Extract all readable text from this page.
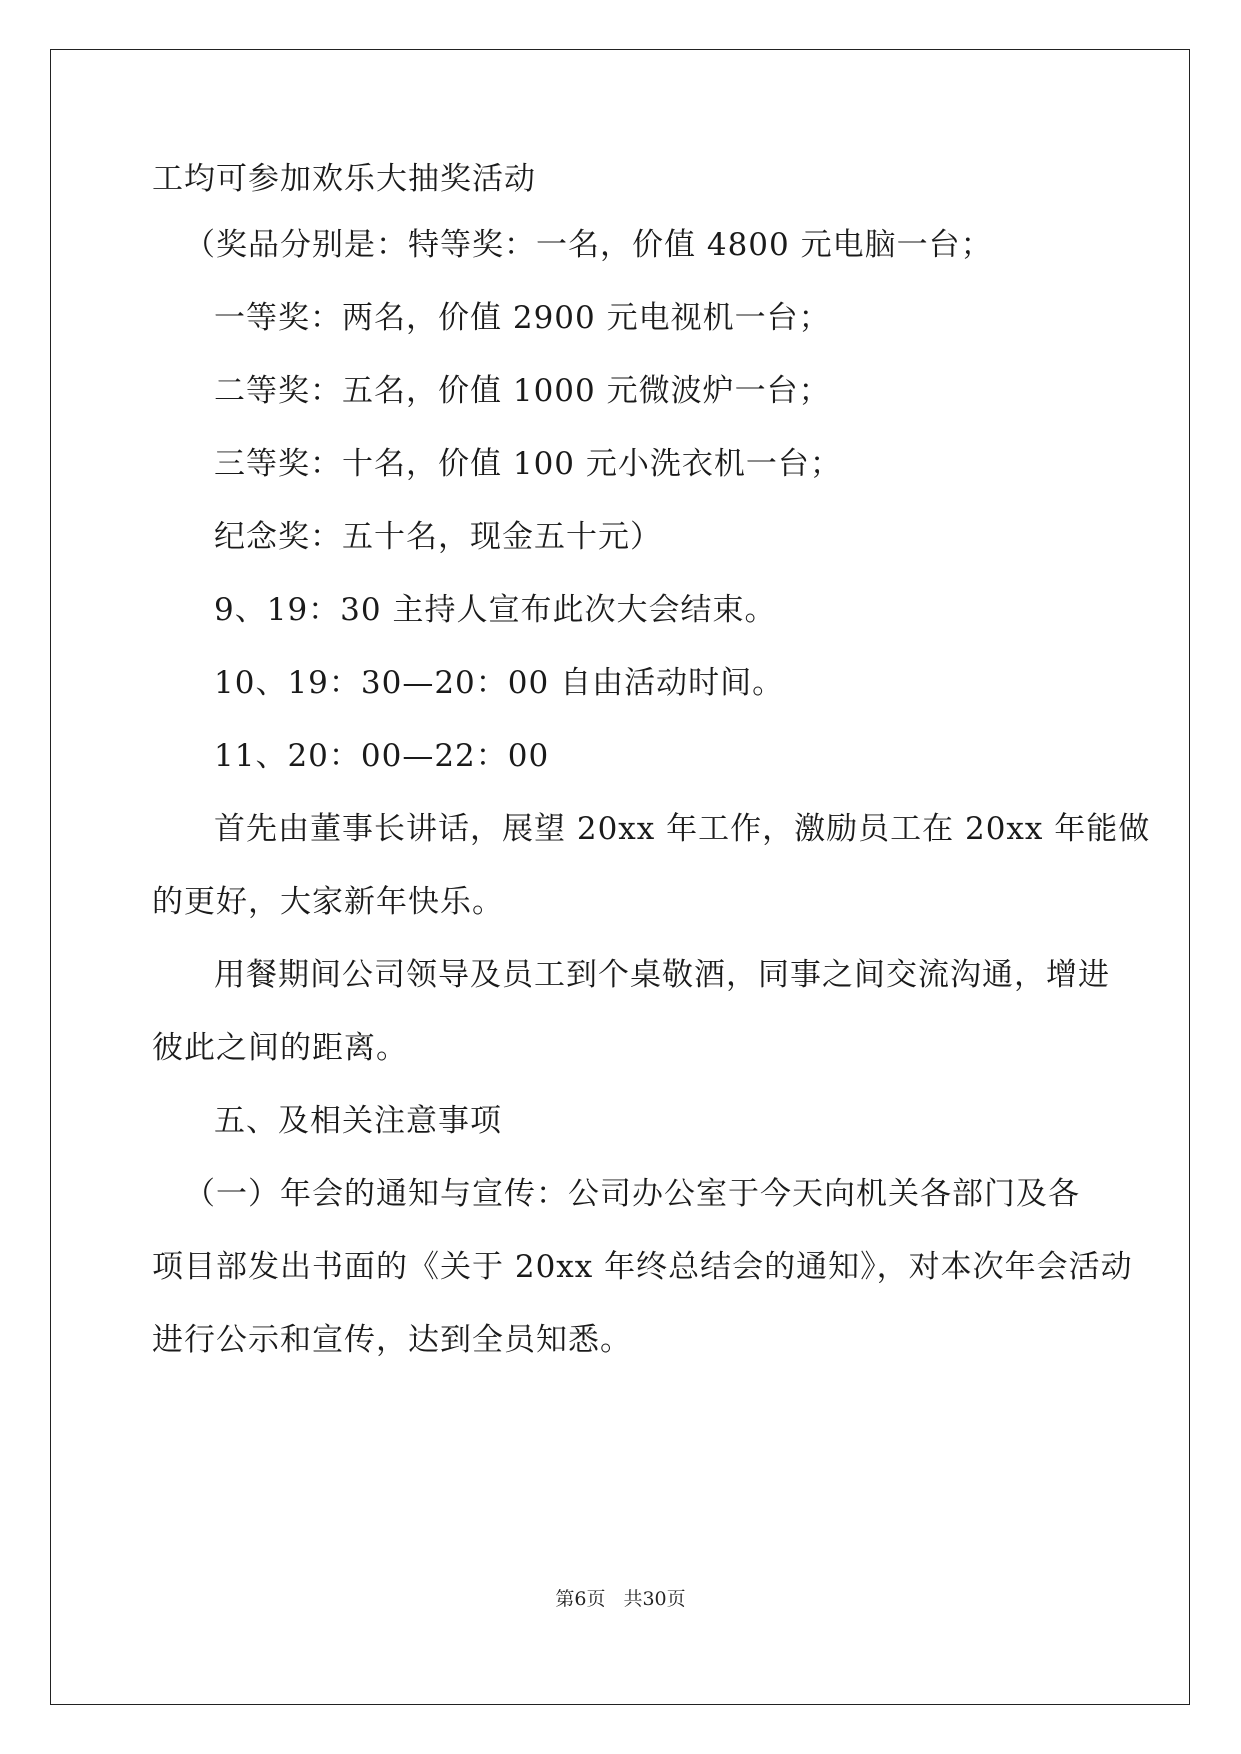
工均可参加欢乐大抽奖活动
（奖品分别是：特等奖：一名，价值 4800 元电脑一台；
一等奖：两名，价值 2900 元电视机一台；
二等奖：五名，价值 1000 元微波炉一台；
三等奖：十名，价值 100 元小洗衣机一台；
纪念奖：五十名，现金五十元）
9、19：30 主持人宣布此次大会结束。
10、19：30—20：00 自由活动时间。
11、20：00—22：00
首先由董事长讲话，展望 20xx 年工作，激励员工在 20xx 年能做
的更好，大家新年快乐。
用餐期间公司领导及员工到个桌敬酒，同事之间交流沟通，增进
彼此之间的距离。
五、及相关注意事项
（一）年会的通知与宣传：公司办公室于今天向机关各部门及各
项目部发出书面的《关于 20xx 年终总结会的通知》，对本次年会活动
进行公示和宣传，达到全员知悉。
第6页 共30页
